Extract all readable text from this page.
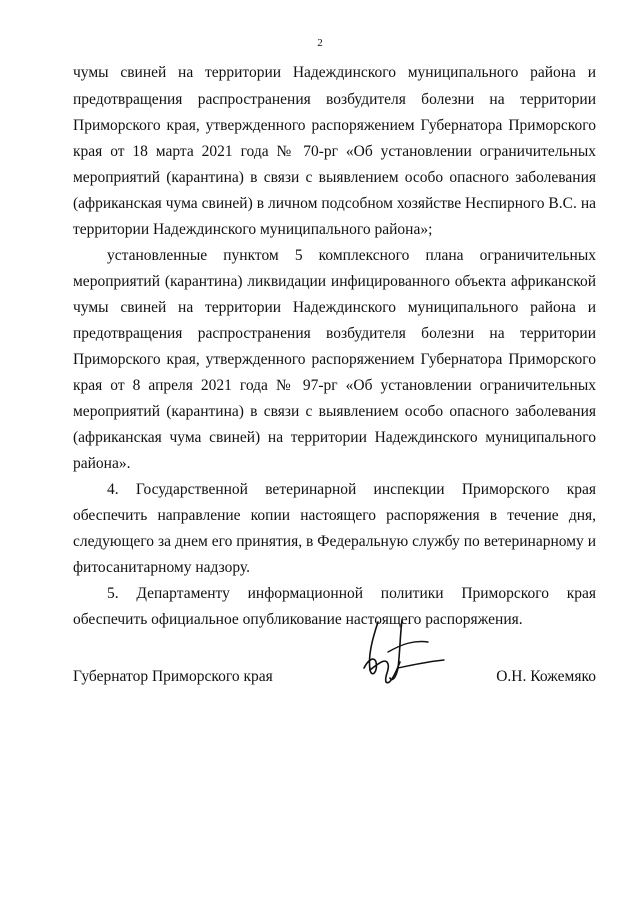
2
чумы свиней на территории Надеждинского муниципального района и
предотвращения распространения возбудителя болезни на территории
Приморского края, утвержденного распоряжением Губернатора Приморского
края от 18 марта 2021 года № 70-рг «Об установлении ограничительных
мероприятий (карантина) в связи с выявлением особо опасного заболевания
(африканская чума свиней) в личном подсобном хозяйстве Неспирного В.С. на
территории Надеждинского муниципального района»;
установленные пунктом 5 комплексного плана ограничительных
мероприятий (карантина) ликвидации инфицированного объекта африканской
чумы свиней на территории Надеждинского муниципального района и
предотвращения распространения возбудителя болезни на территории
Приморского края, утвержденного распоряжением Губернатора Приморского
края от 8 апреля 2021 года № 97-рг «Об установлении ограничительных
мероприятий (карантина) в связи с выявлением особо опасного заболевания
(африканская чума свиней) на территории Надеждинского муниципального
района».
4. Государственной ветеринарной инспекции Приморского края
обеспечить направление копии настоящего распоряжения в течение дня,
следующего за днем его принятия, в Федеральную службу по ветеринарному и
фитосанитарному надзору.
5. Департаменту информационной политики Приморского края
обеспечить официальное опубликование настоящего распоряжения.
Губернатор Приморского края	О.Н. Кожемяко
